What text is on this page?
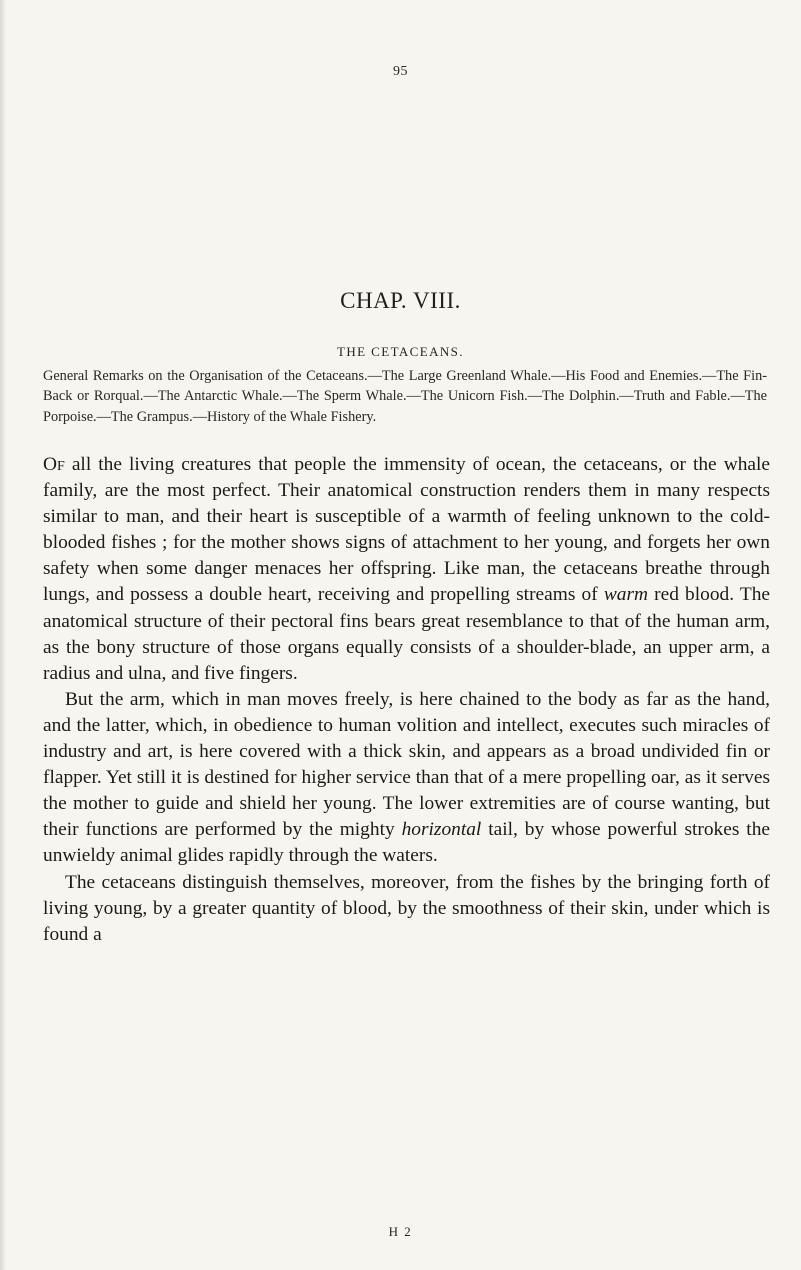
95
CHAP. VIII.
THE CETACEANS.
General Remarks on the Organisation of the Cetaceans.—The Large Greenland Whale.—His Food and Enemies.—The Fin-Back or Rorqual.—The Antarctic Whale.—The Sperm Whale.—The Unicorn Fish.—The Dolphin.—Truth and Fable.—The Porpoise.—The Grampus.—History of the Whale Fishery.

Of all the living creatures that people the immensity of ocean, the cetaceans, or the whale family, are the most perfect. Their anatomical construction renders them in many respects similar to man, and their heart is susceptible of a warmth of feeling unknown to the cold-blooded fishes ; for the mother shows signs of attachment to her young, and forgets her own safety when some danger menaces her offspring. Like man, the cetaceans breathe through lungs, and possess a double heart, receiving and propelling streams of warm red blood. The anatomical structure of their pectoral fins bears great resemblance to that of the human arm, as the bony structure of those organs equally consists of a shoulder-blade, an upper arm, a radius and ulna, and five fingers.

But the arm, which in man moves freely, is here chained to the body as far as the hand, and the latter, which, in obedience to human volition and intellect, executes such miracles of industry and art, is here covered with a thick skin, and appears as a broad undivided fin or flapper. Yet still it is destined for higher service than that of a mere propelling oar, as it serves the mother to guide and shield her young. The lower extremities are of course wanting, but their functions are performed by the mighty horizontal tail, by whose powerful strokes the unwieldy animal glides rapidly through the waters.

The cetaceans distinguish themselves, moreover, from the fishes by the bringing forth of living young, by a greater quantity of blood, by the smoothness of their skin, under which is found a

H 2
